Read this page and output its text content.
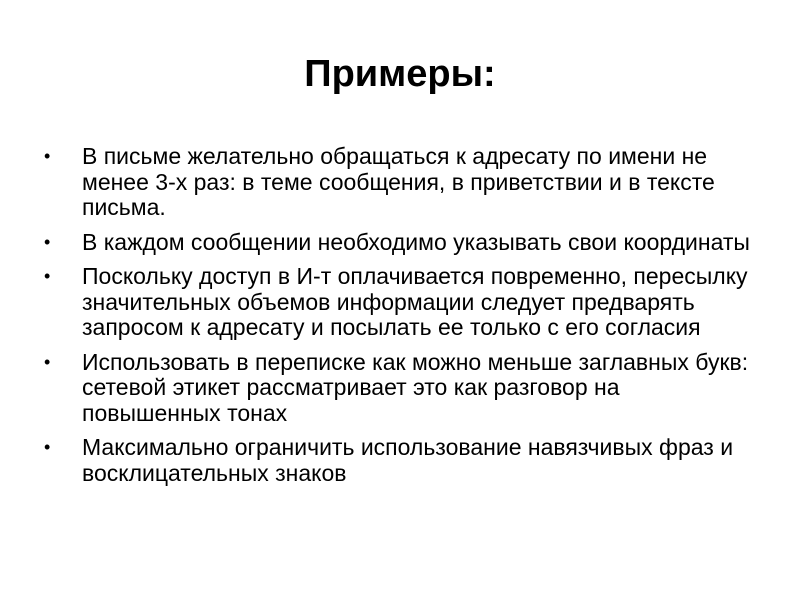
Примеры:
•	В письме желательно обращаться к адресату по имени не менее 3-х раз: в теме сообщения, в приветствии и в тексте письма.
•	В каждом сообщении необходимо указывать свои координаты
•	Поскольку доступ в И-т оплачивается повременно, пересылку значительных объемов информации следует предварять запросом к адресату и посылать ее только с его согласия
•	Использовать в переписке как можно меньше заглавных букв: сетевой этикет рассматривает это как разговор на повышенных тонах
•	Максимально ограничить использование навязчивых фраз и восклицательных знаков
